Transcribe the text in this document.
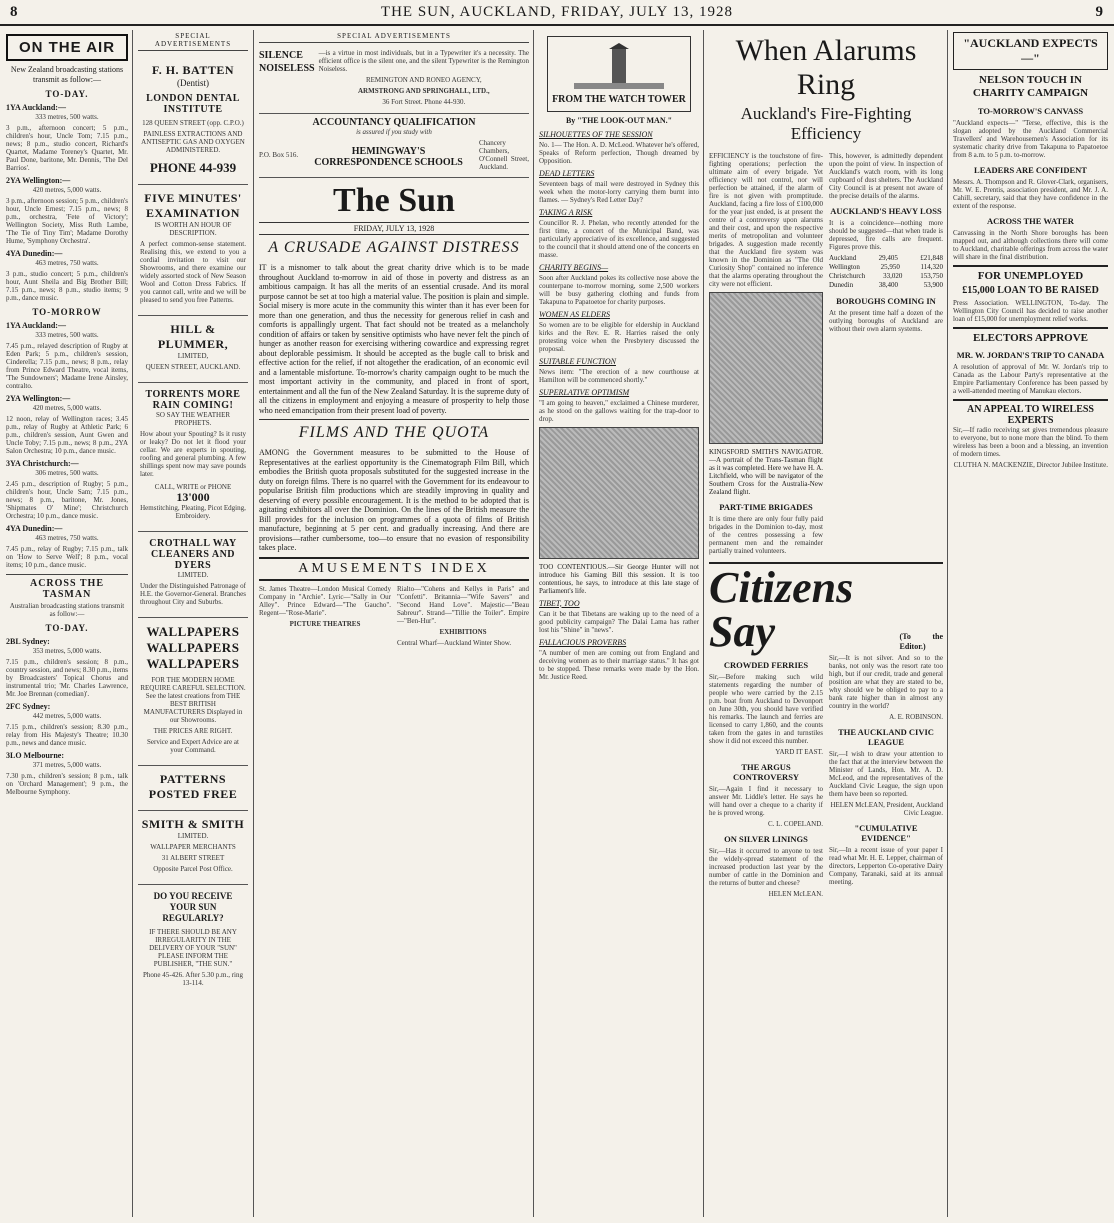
8	THE SUN, AUCKLAND, FRIDAY, JULY 13, 1928	9
ON THE AIR

New Zealand broadcasting stations transmit as follow:—

TO-DAY.
1YA Auckland:—

333 metres, 500 watts.

3 p.m., afternoon concert; 5 p.m., children's hour, Uncle Tom; 7.15 p.m., news; 8 p.m., studio concert, Richard's Quartet, Madame Toreney's Quartet, Mr. Paul Done, baritone, Mr. Dennis, 'The Del Barrios'.

2YA Wellington:—

420 metres, 5,000 watts.

3 p.m., afternoon session; 5 p.m., children's hour, Uncle Ernest; 7.15 p.m., news; 8 p.m., orchestra, 'Fete of Victory'; Wellington Society, Miss Ruth Lambe, 'The Tie of Tiny Tim'; Madame Dorothy Hume, 'Symphony Orchestra'.

4YA Dunedin:—

463 metres, 750 watts.

3 p.m., studio concert; 5 p.m., children's hour, Aunt Sheila and Big Brother Bill; 7.15 p.m., news; 8 p.m., studio items; 9 p.m., dance music.

TO-MORROW
1YA Auckland:—

333 metres, 500 watts.

7.45 p.m., relayed description of Rugby at Eden Park; 5 p.m., children's session, Cinderella; 7.15 p.m., news; 8 p.m., relay from Prince Edward Theatre, vocal items, 'The Sundowners'; Madame Irene Ainsley, contralto.

2YA Wellington:—

420 metres, 5,000 watts.

12 noon, relay of Wellington races; 3.45 p.m., relay of Rugby at Athletic Park; 6 p.m., children's session, Aunt Gwen and Uncle Toby; 7.15 p.m., news; 8 p.m., 2YA Salon Orchestra; 10 p.m., dance music.

3YA Christchurch:—

306 metres, 500 watts.

2.45 p.m., description of Rugby; 5 p.m., children's hour, Uncle Sam; 7.15 p.m., news; 8 p.m., baritone, Mr. Jones, 'Shipmates O' Mine'; Christchurch Orchestra; 10 p.m., dance music.

4YA Dunedin:—

463 metres, 750 watts.

7.45 p.m., relay of Rugby; 7.15 p.m., talk on 'How to Serve Well'; 8 p.m., vocal items; 10 p.m., dance music.

ACROSS THE TASMAN

Australian broadcasting stations transmit as follow:—

TO-DAY.
2BL Sydney:

353 metres, 5,000 watts.

7.15 p.m., children's session; 8 p.m., country session, and news; 8.30 p.m., items by Broadcasters' Topical Chorus and instrumental trio; 'Mr. Charles Lawrence, Mr. Joe Brennan (comedian)'.

2FC Sydney:

442 metres, 5,000 watts.

7.15 p.m., children's session; 8.30 p.m., relay from His Majesty's Theatre; 10.30 p.m., news and dance music.

3LO Melbourne:

371 metres, 5,000 watts.

7.30 p.m., children's session; 8 p.m., talk on 'Orchard Management'; 9 p.m., the Melbourne Symphony.

SPECIAL ADVERTISEMENTS
F. H. BATTEN
(Dentist)
LONDON DENTAL INSTITUTE
128 QUEEN STREET (opp. C.P.O.)
PAINLESS EXTRACTIONS AND ANTISEPTIC GAS AND OXYGEN ADMINISTERED.
PHONE 44-939
FIVE MINUTES' EXAMINATION
IS WORTH AN HOUR OF DESCRIPTION.
A perfect common-sense statement. Realising this, we extend to you a cordial invitation to visit our Showrooms, and there examine our widely assorted stock of New Season Wool and Cotton Dress Fabrics. If you cannot call, write and we will be pleased to send you free Patterns.
HILL & PLUMMER,
LIMITED,
QUEEN STREET, AUCKLAND.
TORRENTS MORE RAIN COMING!
SO SAY THE WEATHER PROPHETS.
How about your Spouting? Is it rusty or leaky? Do not let it flood your cellar. We are experts in spouting, roofing and general plumbing. A few shillings spent now may save pounds later.
CALL, WRITE or PHONE 13'000
Hemstitching, Pleating, Picot Edging, Embroidery.
CROTHALL WAY CLEANERS AND DYERS
LIMITED.
Under the Distinguished Patronage of H.E. the Governor-General. Branches throughout City and Suburbs.
WALLPAPERS
WALLPAPERS
WALLPAPERS
FOR THE MODERN HOME REQUIRE CAREFUL SELECTION. See the latest creations from THE BEST BRITISH MANUFACTURERS Displayed in our Showrooms.
THE PRICES ARE RIGHT.
Service and Expert Advice are at your Command.
PATTERNS POSTED FREE
SMITH & SMITH
LIMITED.
WALLPAPER MERCHANTS
31 ALBERT STREET
Opposite Parcel Post Office.
DO YOU RECEIVE YOUR SUN REGULARLY?
IF THERE SHOULD BE ANY IRREGULARITY IN THE DELIVERY OF YOUR "SUN" PLEASE INFORM THE PUBLISHER, "THE SUN."
Phone 45-426. After 5.30 p.m., ring 13-114.
SPECIAL ADVERTISEMENTS
SILENCE
NOISELESS

—is a virtue in most individuals, but in a Typewriter it's a necessity. The efficient office is the silent one, and the silent Typewriter is the Remington Noiseless.

REMINGTON AND RONEO AGENCY,

ARMSTRONG AND SPRINGHALL, LTD.,

36 Fort Street. Phone 44-930.

ACCOUNTANCY QUALIFICATION
is assured if you study with
P.O. Box 516.	HEMINGWAY'S CORRESPONDENCE SCHOOLS
Chancery Chambers, O'Connell Street, Auckland.
The Sun
FRIDAY, JULY 13, 1928
A CRUSADE AGAINST DISTRESS

IT is a misnomer to talk about the great charity drive which is to be made throughout Auckland to-morrow in aid of those in poverty and distress as an ambitious campaign. It has all the merits of an essential crusade. And its moral purpose cannot be set at too high a material value. The position is plain and simple. Social misery is more acute in the community this winter than it has ever been for more than one generation, and thus the necessity for generous relief in cash and comforts is appallingly urgent. That fact should not be treated as a melancholy condition of affairs or taken by sensitive optimists who have never felt the pinch of hunger as another reason for exercising withering cowardice and expressing regret about deplorable pessimism. It should be accepted as the bugle call to brisk and effective action for the relief, if not altogether the eradication, of an economic evil and a lamentable misfortune. To-morrow's charity campaign ought to be much the most important activity in the community, and placed in front of sport, entertainment and all the fun of the New Zealand Saturday. It is the supreme duty of all the citizens in employment and enjoying a measure of prosperity to help those who need emancipation from their present load of poverty.

FILMS AND THE QUOTA

AMONG the Government measures to be submitted to the House of Representatives at the earliest opportunity is the Cinematograph Film Bill, which embodies the British quota proposals substituted for the suggested increase in the duty on foreign films. There is no quarrel with the Government for its endeavour to popularise British film productions which are steadily improving in quality and deserving of every possible encouragement. It is the method to be adopted that is agitating exhibitors all over the Dominion. On the lines of the British measure the Bill provides for the inclusion on programmes of a quota of films of British manufacture, beginning at 5 per cent. and gradually increasing. And there are provisions—rather cumbersome, too—to ensure that no evasion of responsibility takes place.

AMUSEMENTS INDEX

St. James Theatre—London Musical Comedy Company in "Archie". Lyric—"Sally in Our Alley". Prince Edward—"The Gaucho". Regent—"Rose-Marie".

PICTURE THEATRES

Rialto—"Cohens and Kellys in Paris" and "Confetti". Britannia—"Wife Savers" and "Second Hand Love". Majestic—"Beau Sabreur". Strand—"Tillie the Toiler". Empire—"Ben-Hur".

EXHIBITIONS

Central Wharf—Auckland Winter Show.

FROM THE WATCH TOWER
By "THE LOOK-OUT MAN."
SILHOUETTES OF THE SESSION

No. 1— The Hon. A. D. McLeod. Whatever he's offered, Speaks of Reform perfection, Though dreamed by Opposition.

DEAD LETTERS

Seventeen bags of mail were destroyed in Sydney this week when the motor-lorry carrying them burnt into flames. — Sydney's Red Letter Day?

TAKING A RISK

Councillor R. J. Phelan, who recently attended for the first time, a concert of the Municipal Band, was particularly appreciative of its excellence, and suggested to the council that it should attend one of the concerts en masse.

CHARITY BEGINS—

Soon after Auckland pokes its collective nose above the counterpane to-morrow morning, some 2,500 workers will be busy gathering clothing and funds from Takapuna to Papatoetoe for charity purposes.

WOMEN AS ELDERS

So women are to be eligible for eldership in Auckland kirks and the Rev. E. R. Harries raised the only protesting voice when the Presbytery discussed the proposal.

SUITABLE FUNCTION

News item: "The erection of a new courthouse at Hamilton will be commenced shortly."

SUPERLATIVE OPTIMISM

"I am going to heaven," exclaimed a Chinese murderer, as he stood on the gallows waiting for the trap-door to drop.

TOO CONTENTIOUS.—Sir George Hunter will not introduce his Gaming Bill this session. It is too contentious, he says, to introduce at this late stage of Parliament's life.

TIBET, TOO

Can it be that Tibetans are waking up to the need of a good publicity campaign? The Dalai Lama has rather lost his "Shine" in "news".

FALLACIOUS PROVERBS

"A number of men are coming out from England and deceiving women as to their marriage status." It has got to be stopped. These remarks were made by the Hon. Mr. Justice Reed.

When Alarums Ring
Auckland's Fire-Fighting Efficiency

EFFICIENCY is the touchstone of fire-fighting operations; perfection the ultimate aim of every brigade. Yet efficiency will not control, nor will perfection be attained, if the alarm of fire is not given with promptitude. Auckland, facing a fire loss of £100,000 for the year just ended, is at present the centre of a controversy upon alarums and their cost, and upon the respective merits of metropolitan and volunteer brigades. A suggestion made recently that the Auckland fire system was known in the Dominion as "The Old Curiosity Shop" contained no inference that the alarms operating throughout the city were not efficient.

KINGSFORD SMITH'S NAVIGATOR.—A portrait of the Trans-Tasman flight as it was completed. Here we have H. A. Litchfield, who will be navigator of the Southern Cross for the Australia-New Zealand flight.

PART-TIME BRIGADES

It is time there are only four fully paid brigades in the Dominion to-day, most of the centres possessing a few permanent men and the remainder partially trained volunteers.

This, however, is admittedly dependent upon the point of view. In inspection of Auckland's watch room, with its long cupboard of dust shelters. The Auckland City Council is at present not aware of the precise details of the alarms.

AUCKLAND'S HEAVY LOSS

It is a coincidence—nothing more should be suggested—that when trade is depressed, fire calls are frequent. Figures prove this.

Auckland	29,405	£21,848
Wellington	25,950	114,320
Christchurch	33,020	153,750
Dunedin	38,400	53,900
BOROUGHS COMING IN

At the present time half a dozen of the outlying boroughs of Auckland are without their own alarm systems.

Citizens Say	(To the Editor.)
CROWDED FERRIES

Sir,—Before making such wild statements regarding the number of people who were carried by the 2.15 p.m. boat from Auckland to Devonport on June 30th, you should have verified his remarks. The launch and ferries are licensed to carry 1,860, and the counts taken from the gates in and turnstiles show it did not exceed this number.

YARD IT EAST.

THE ARGUS CONTROVERSY

Sir,—Again I find it necessary to answer Mr. Liddle's letter. He says he will hand over a cheque to a charity if he is proved wrong.

C. L. COPELAND.

ON SILVER LININGS

Sir,—Has it occurred to anyone to test the widely-spread statement of the increased production last year by the number of cattle in the Dominion and the returns of butter and cheese?

HELEN McLEAN.

Sir,—It is not silver. And so to the banks, not only was the resort rate too high, but if our credit, trade and general position are what they are stated to be, why should we be obliged to pay to a bank rate higher than in almost any country in the world?

A. E. ROBINSON.

THE AUCKLAND CIVIC LEAGUE

Sir,—I wish to draw your attention to the fact that at the interview between the Minister of Lands, Hon. Mr. A. D. McLeod, and the representatives of the Auckland Civic League, the sign upon them have been so reported.

HELEN McLEAN, President, Auckland Civic League.

"CUMULATIVE EVIDENCE"

Sir,—In a recent issue of your paper I read what Mr. H. E. Lepper, chairman of directors, Lepperton Co-operative Dairy Company, Taranaki, said at its annual meeting.

"AUCKLAND EXPECTS—"
NELSON TOUCH IN CHARITY CAMPAIGN
TO-MORROW'S CANVASS

"Auckland expects—" "Terse, effective, this is the slogan adopted by the Auckland Commercial Travellers' and Warehousemen's Association for its systematic charity drive from Takapuna to Papatoetoe from 8 a.m. to 5 p.m. to-morrow.

LEADERS ARE CONFIDENT

Messrs. A. Thompson and R. Glover-Clark, organisers, Mr. W. E. Prentis, association president, and Mr. J. A. Cahill, secretary, said that they have confidence in the extent of the response.

ACROSS THE WATER

Canvassing in the North Shore boroughs has been mapped out, and although collections there will come to Auckland, charitable offerings from across the water will share in the final distribution.

FOR UNEMPLOYED
£15,000 LOAN TO BE RAISED

Press Association. WELLINGTON, To-day. The Wellington City Council has decided to raise another loan of £15,000 for unemployment relief works.

ELECTORS APPROVE
MR. W. JORDAN'S TRIP TO CANADA

A resolution of approval of Mr. W. Jordan's trip to Canada as the Labour Party's representative at the Empire Parliamentary Conference has been passed by a well-attended meeting of Manukau electors.

AN APPEAL TO WIRELESS EXPERTS

Sir,—If radio receiving set gives tremendous pleasure to everyone, but to none more than the blind. To them wireless has been a boon and a blessing, an invention of modern times.

CLUTHA N. MACKENZIE, Director Jubilee Institute.
